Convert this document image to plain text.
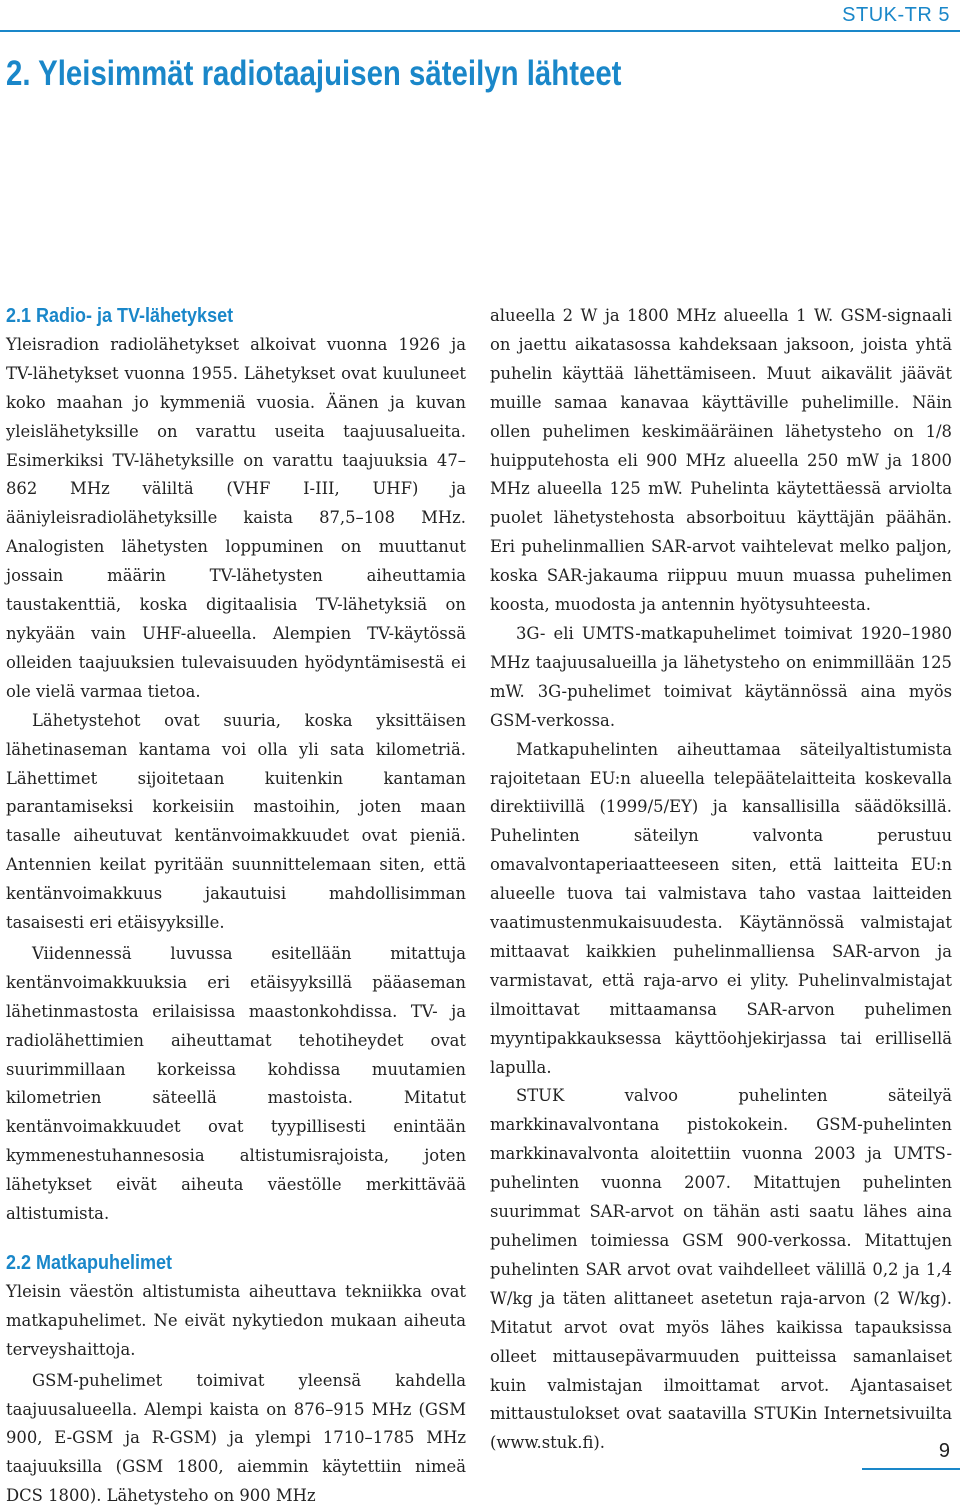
STUK-TR 5
2. Yleisimmät radiotaajuisen säteilyn lähteet
2.1 Radio- ja TV-lähetykset

Yleisradion radiolähetykset alkoivat vuonna 1926 ja TV-lähetykset vuonna 1955. Lähetykset ovat kuuluneet koko maahan jo kymmeniä vuosia. Äänen ja kuvan yleislähetyksille on varattu useita taajuusalueita. Esimerkiksi TV-lähetyksille on varattu taajuuksia 47–862 MHz väliltä (VHF I-III, UHF) ja ääniyleisradiolähetyksille kaista 87,5–108 MHz. Analogisten lähetysten loppuminen on muuttanut jossain määrin TV-lähetysten aiheuttamia taustakenttiä, koska digitaalisia TV-lähetyksiä on nykyään vain UHF-alueella. Alempien TV-käytössä olleiden taajuuksien tulevaisuuden hyödyntämisestä ei ole vielä varmaa tietoa.

Lähetystehot ovat suuria, koska yksittäisen lähetinaseman kantama voi olla yli sata kilometriä. Lähettimet sijoitetaan kuitenkin kantaman parantamiseksi korkeisiin mastoihin, joten maan tasalle aiheutuvat kentänvoimakkuudet ovat pieniä. Antennien keilat pyritään suunnittelemaan siten, että kentänvoimakkuus jakautuisi mahdollisimman tasaisesti eri etäisyyksille.

Viidennessä luvussa esitellään mitattuja kentänvoimakkuuksia eri etäisyyksillä pääaseman lähetinmastosta erilaisissa maastonkohdissa. TV- ja radiolähettimien aiheuttamat tehotiheydet ovat suurimmillaan korkeissa kohdissa muutamien kilometrien säteellä mastoista. Mitatut kentänvoimakkuudet ovat tyypillisesti enintään kymmenestuhannesosia altistumisrajoista, joten lähetykset eivät aiheuta väestölle merkittävää altistumista.

2.2 Matkapuhelimet

Yleisin väestön altistumista aiheuttava tekniikka ovat matkapuhelimet. Ne eivät nykytiedon mukaan aiheuta terveyshaittoja.

GSM-puhelimet toimivat yleensä kahdella taajuusalueella. Alempi kaista on 876–915 MHz (GSM 900, E-GSM ja R-GSM) ja ylempi 1710–1785 MHz taajuuksilla (GSM 1800, aiemmin käytettiin nimeä DCS 1800). Lähetysteho on 900 MHz

alueella 2 W ja 1800 MHz alueella 1 W. GSM-signaali on jaettu aikatasossa kahdeksaan jaksoon, joista yhtä puhelin käyttää lähettämiseen. Muut aikavälit jäävät muille samaa kanavaa käyttäville puhelimille. Näin ollen puhelimen keskimääräinen lähetysteho on 1/8 huipputehosta eli 900 MHz alueella 250 mW ja 1800 MHz alueella 125 mW. Puhelinta käytettäessä arviolta puolet lähetystehosta absorboituu käyttäjän päähän. Eri puhelinmallien SAR-arvot vaihtelevat melko paljon, koska SAR-jakauma riippuu muun muassa puhelimen koosta, muodosta ja antennin hyötysuhteesta.

3G- eli UMTS-matkapuhelimet toimivat 1920–1980 MHz taajuusalueilla ja lähetysteho on enimmillään 125 mW. 3G-puhelimet toimivat käytännössä aina myös GSM-verkossa.

Matkapuhelinten aiheuttamaa säteilyaltistumista rajoitetaan EU:n alueella telepäätelaitteita koskevalla direktiivillä (1999/5/EY) ja kansallisilla säädöksillä. Puhelinten säteilyn valvonta perustuu omavalvontaperiaatteeseen siten, että laitteita EU:n alueelle tuova tai valmistava taho vastaa laitteiden vaatimustenmukaisuudesta. Käytännössä valmistajat mittaavat kaikkien puhelinmalliensa SAR-arvon ja varmistavat, että raja-arvo ei ylity. Puhelinvalmistajat ilmoittavat mittaamansa SAR-arvon puhelimen myyntipakkauksessa käyttöohjekirjassa tai erillisellä lapulla.

STUK valvoo puhelinten säteilyä markkinavalvontana pistokokein. GSM-puhelinten markkinavalvonta aloitettiin vuonna 2003 ja UMTS-puhelinten vuonna 2007. Mitattujen puhelinten suurimmat SAR-arvot on tähän asti saatu lähes aina puhelimen toimiessa GSM 900-verkossa. Mitattujen puhelinten SAR arvot ovat vaihdelleet välillä 0,2 ja 1,4 W/kg ja täten alittaneet asetetun raja-arvon (2 W/kg). Mitatut arvot ovat myös lähes kaikissa tapauksissa olleet mittausepävarmuuden puitteissa samanlaiset kuin valmistajan ilmoittamat arvot. Ajantasaiset mittaustulokset ovat saatavilla STUKin Internetsivuilta (www.stuk.fi).	9
